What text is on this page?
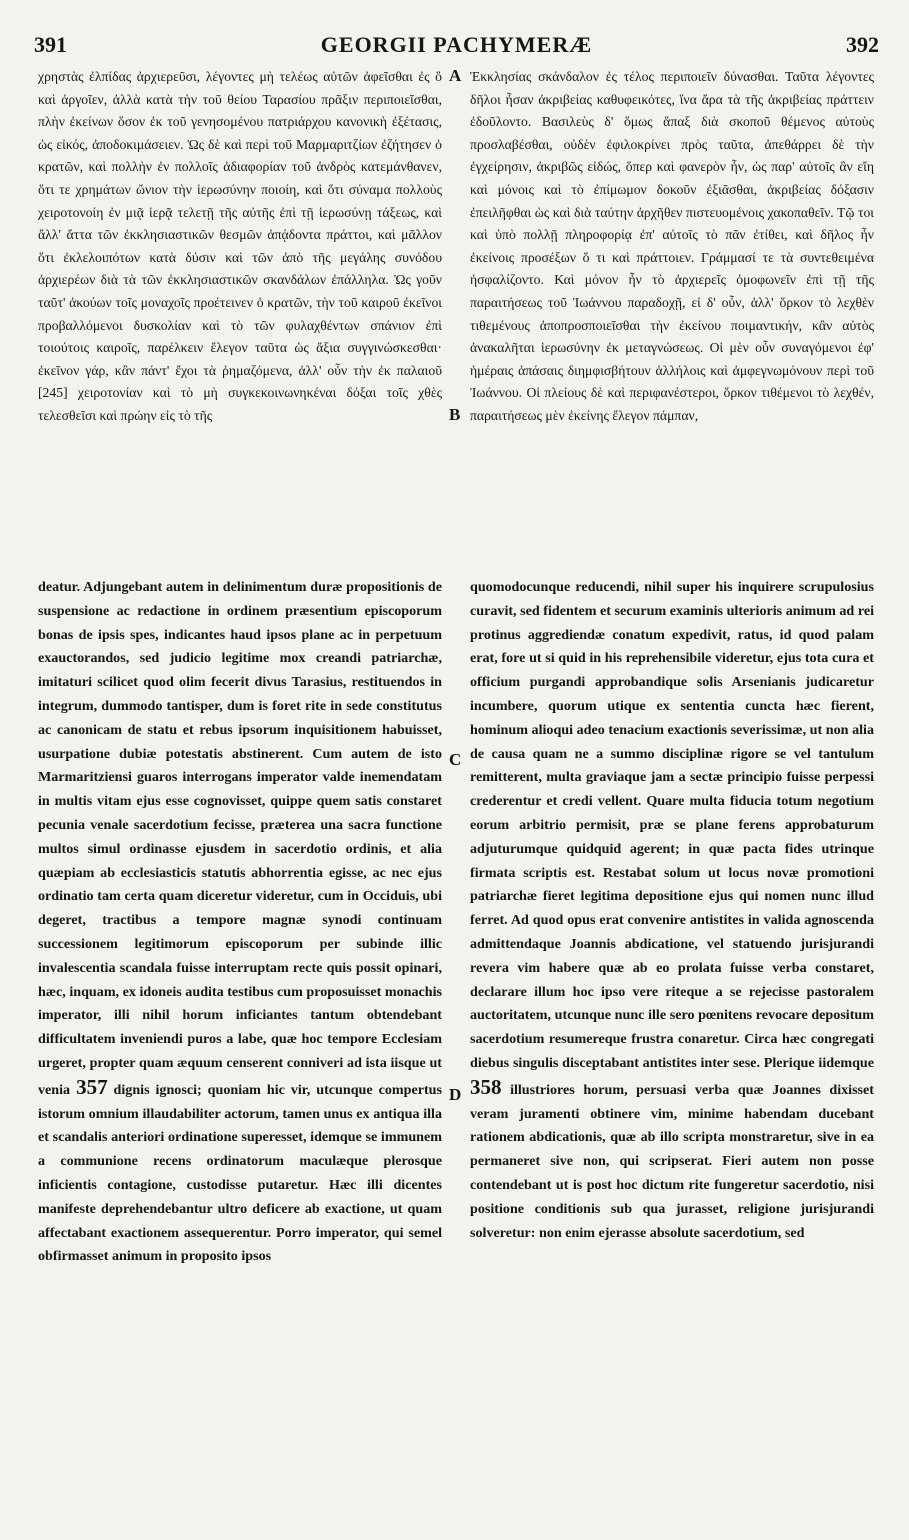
391	GEORGII PACHYMERÆ	392

χρηστὰς ἐλπίδας ἀρχιερεῦσι, λέγοντες μὴ τελέως αὐτῶν ἀφεῖσθαι ἐς ὃ καὶ ἀργοῖεν, ἀλλὰ κατὰ τὴν τοῦ θείου Ταρασίου πρᾶξιν περιποιεῖσθαι, πλὴν ἐκείνων ὅσον ἐκ τοῦ γενησομένου πατριάρχου κανονικὴ ἐξέτασις, ὡς εἰκός, ἀποδοκιμάσειεν. Ὡς δὲ καὶ περὶ τοῦ Μαρμαριτζίων ἐζήτησεν ὁ κρατῶν, καὶ πολλὴν ἐν πολλοῖς ἀδιαφορίαν τοῦ ἀνδρὸς κατεμάνθανεν, ὅτι τε χρημάτων ὤνιον τὴν ἱερωσύνην ποιοίη, καὶ ὅτι σύναμα πολλοὺς χειροτονοίη ἐν μιᾷ ἱερᾷ τελετῇ τῆς αὐτῆς ἐπὶ τῇ ἱερωσύνῃ τάξεως, καὶ ἄλλ' ἄττα τῶν ἐκκλησιαστικῶν θεσμῶν ἀπᾴδοντα πράττοι, καὶ μᾶλλον ὅτι ἐκλελοιπότων κατὰ δύσιν καὶ τῶν ἀπὸ τῆς μεγάλης συνόδου ἀρχιερέων διὰ τὰ τῶν ἐκκλησιαστικῶν σκανδάλων ἐπάλληλα. Ὡς γοῦν ταῦτ' ἀκούων τοῖς μοναχοῖς προέτεινεν ὁ κρατῶν, τὴν τοῦ καιροῦ ἐκεῖνοι προβαλλόμενοι δυσκολίαν καὶ τὸ τῶν φυλαχθέντων σπάνιον ἐπὶ τοιούτοις καιροῖς, παρέλκειν ἔλεγον ταῦτα ὡς ἄξια συγγινώσκεσθαι· ἐκεῖνον γάρ, κἂν πάντ' ἔχοι τὰ ῥημαζόμενα, ἀλλ' οὖν τὴν ἐκ παλαιοῦ [245] χειροτονίαν καὶ τὸ μὴ συγκεκοινωνηκέναι δόξαι τοῖς χθὲς τελεσθεῖσι καὶ πρώην εἰς τὸ τῆς

Ἐκκλησίας σκάνδαλον ἐς τέλος περιποιεῖν δύνασθαι. Ταῦτα λέγοντες δῆλοι ἦσαν ἀκριβείας καθυφεικότες, ἵνα ἄρα τὰ τῆς ἀκριβείας πράττειν ἐδοῦλοντο. Βασιλεὺς δ' ὅμως ἅπαξ διὰ σκοποῦ θέμενος αὐτοὺς προσλαβέσθαι, οὐδὲν ἐφιλοκρίνει πρὸς ταῦτα, ἀπεθάρρει δὲ τὴν ἐγχείρησιν, ἀκριβῶς εἰδώς, ὅπερ καὶ φανερὸν ἦν, ὡς παρ' αὐτοῖς ἂν εἴη καὶ μόνοις καὶ τὸ ἐπίμωμον δοκοῦν ἐξιᾶσθαι, ἀκριβείας δόξασιν ἐπειλῆφθαι ὡς καὶ διὰ ταύτην ἀρχῆθεν πιστευομένοις χακοπαθεῖν. Τῷ τοι καὶ ὑπὸ πολλῇ πληροφορίᾳ ἐπ' αὐτοῖς τὸ πᾶν ἐτίθει, καὶ δῆλος ἦν ἐκείνοις προσέξων ὅ τι καὶ πράττοιεν. Γράμμασί τε τὰ συντεθειμένα ἠσφαλίζοντο. Καὶ μόνον ἦν τὸ ἀρχιερεῖς ὁμοφωνεῖν ἐπὶ τῇ τῆς παραιτήσεως τοῦ Ἰωάννου παραδοχῇ, εἰ δ' οὖν, ἀλλ' ὅρκον τὸ λεχθὲν τιθεμένους ἀποπροσποιεῖσθαι τὴν ἐκείνου ποιμαντικήν, κἂν αὐτὸς ἀνακαλῆται ἱερωσύνην ἐκ μεταγνώσεως. Οἱ μὲν οὖν συναγόμενοι ἐφ' ἡμέραις ἁπάσαις διημφισβήτουν ἀλλήλοις καὶ ἀμφεγνωμόνουν περὶ τοῦ Ἰωάννου. Οἱ πλείους δὲ καὶ περιφανέστεροι, ὅρκον τιθέμενοι τὸ λεχθέν, παραιτήσεως μὲν ἐκείνης ἔλεγον πάμπαν,

deatur. Adjungebant autem in delinimentum duræ propositionis de suspensione ac redactione in ordinem præsentium episcoporum bonas de ipsis spes, indicantes haud ipsos plane ac in perpetuum exauctorandos, sed judicio legitime mox creandi patriarchæ, imitaturi scilicet quod olim fecerit divus Tarasius, restituendos in integrum, dummodo tantisper, dum is foret rite in sede constitutus ac canonicam de statu et rebus ipsorum inquisitionem habuisset, usurpatione dubiæ potestatis abstinerent. Cum autem de isto Marmaritziensi guaros interrogans imperator valde inemendatam in multis vitam ejus esse cognovisset, quippe quem satis constaret pecunia venale sacerdotium fecisse, præterea una sacra functione multos simul ordinasse ejusdem in sacerdotio ordinis, et alia quæpiam ab ecclesiasticis statutis abhorrentia egisse, ac nec ejus ordinatio tam certa quam diceretur videretur, cum in Occiduis, ubi degeret, tractibus a tempore magnæ synodi continuam successionem legitimorum episcoporum per subinde illic invalescentia scandala fuisse interruptam recte quis possit opinari, hæc, inquam, ex idoneis audita testibus cum proposuisset monachis imperator, illi nihil horum inficiantes tantum obtendebant difficultatem inveniendi puros a labe, quæ hoc tempore Ecclesiam urgeret, propter quam æquum censerent conniveri ad ista iisque ut venia 357 dignis ignosci; quoniam hic vir, utcunque compertus istorum omnium illaudabiliter actorum, tamen unus ex antiqua illa et scandalis anteriori ordinatione superesset, idemque se immunem a communione recens ordinatorum maculæque plerosque inficientis contagione, custodisse putaretur. Hæc illi dicentes manifeste deprehendebantur ultro deficere ab exactione, ut quam affectabant exactionem assequerentur. Porro imperator, qui semel obfirmasset animum in proposito ipsos

quomodocunque reducendi, nihil super his inquirere scrupulosius curavit, sed fidentem et securum examinis ulterioris animum ad rei protinus aggrediendæ conatum expedivit, ratus, id quod palam erat, fore ut si quid in his reprehensibile videretur, ejus tota cura et officium purgandi approbandique solis Arsenianis judicaretur incumbere, quorum utique ex sententia cuncta hæc fierent, hominum alioqui adeo tenacium exactionis severissimæ, ut non alia de causa quam ne a summo disciplinæ rigore se vel tantulum remitterent, multa graviaque jam a sectæ principio fuisse perpessi crederentur et credi vellent. Quare multa fiducia totum negotium eorum arbitrio permisit, præ se plane ferens approbaturum adjuturumque quidquid agerent; in quæ pacta fides utrinque firmata scriptis est. Restabat solum ut locus novæ promotioni patriarchæ fieret legitima depositione ejus qui nomen nunc illud ferret. Ad quod opus erat convenire antistites in valida agnoscenda admittendaque Joannis abdicatione, vel statuendo jurisjurandi revera vim habere quæ ab eo prolata fuisse verba constaret, declarare illum hoc ipso vere riteque a se rejecisse pastoralem auctoritatem, utcunque nunc ille sero pœnitens revocare depositum sacerdotium resumereque frustra conaretur. Circa hæc congregati diebus singulis disceptabant antistites inter sese. Plerique iidemque 358 illustriores horum, persuasi verba quæ Joannes dixisset veram juramenti obtinere vim, minime habendam ducebant rationem abdicationis, quæ ab illo scripta monstraretur, sive in ea permaneret sive non, qui scripserat. Fieri autem non posse contendebant ut is post hoc dictum rite fungeretur sacerdotio, nisi positione conditionis sub qua jurasset, religione jurisjurandi solveretur: non enim ejerasse absolute sacerdotium, sed

A
B
C
D
